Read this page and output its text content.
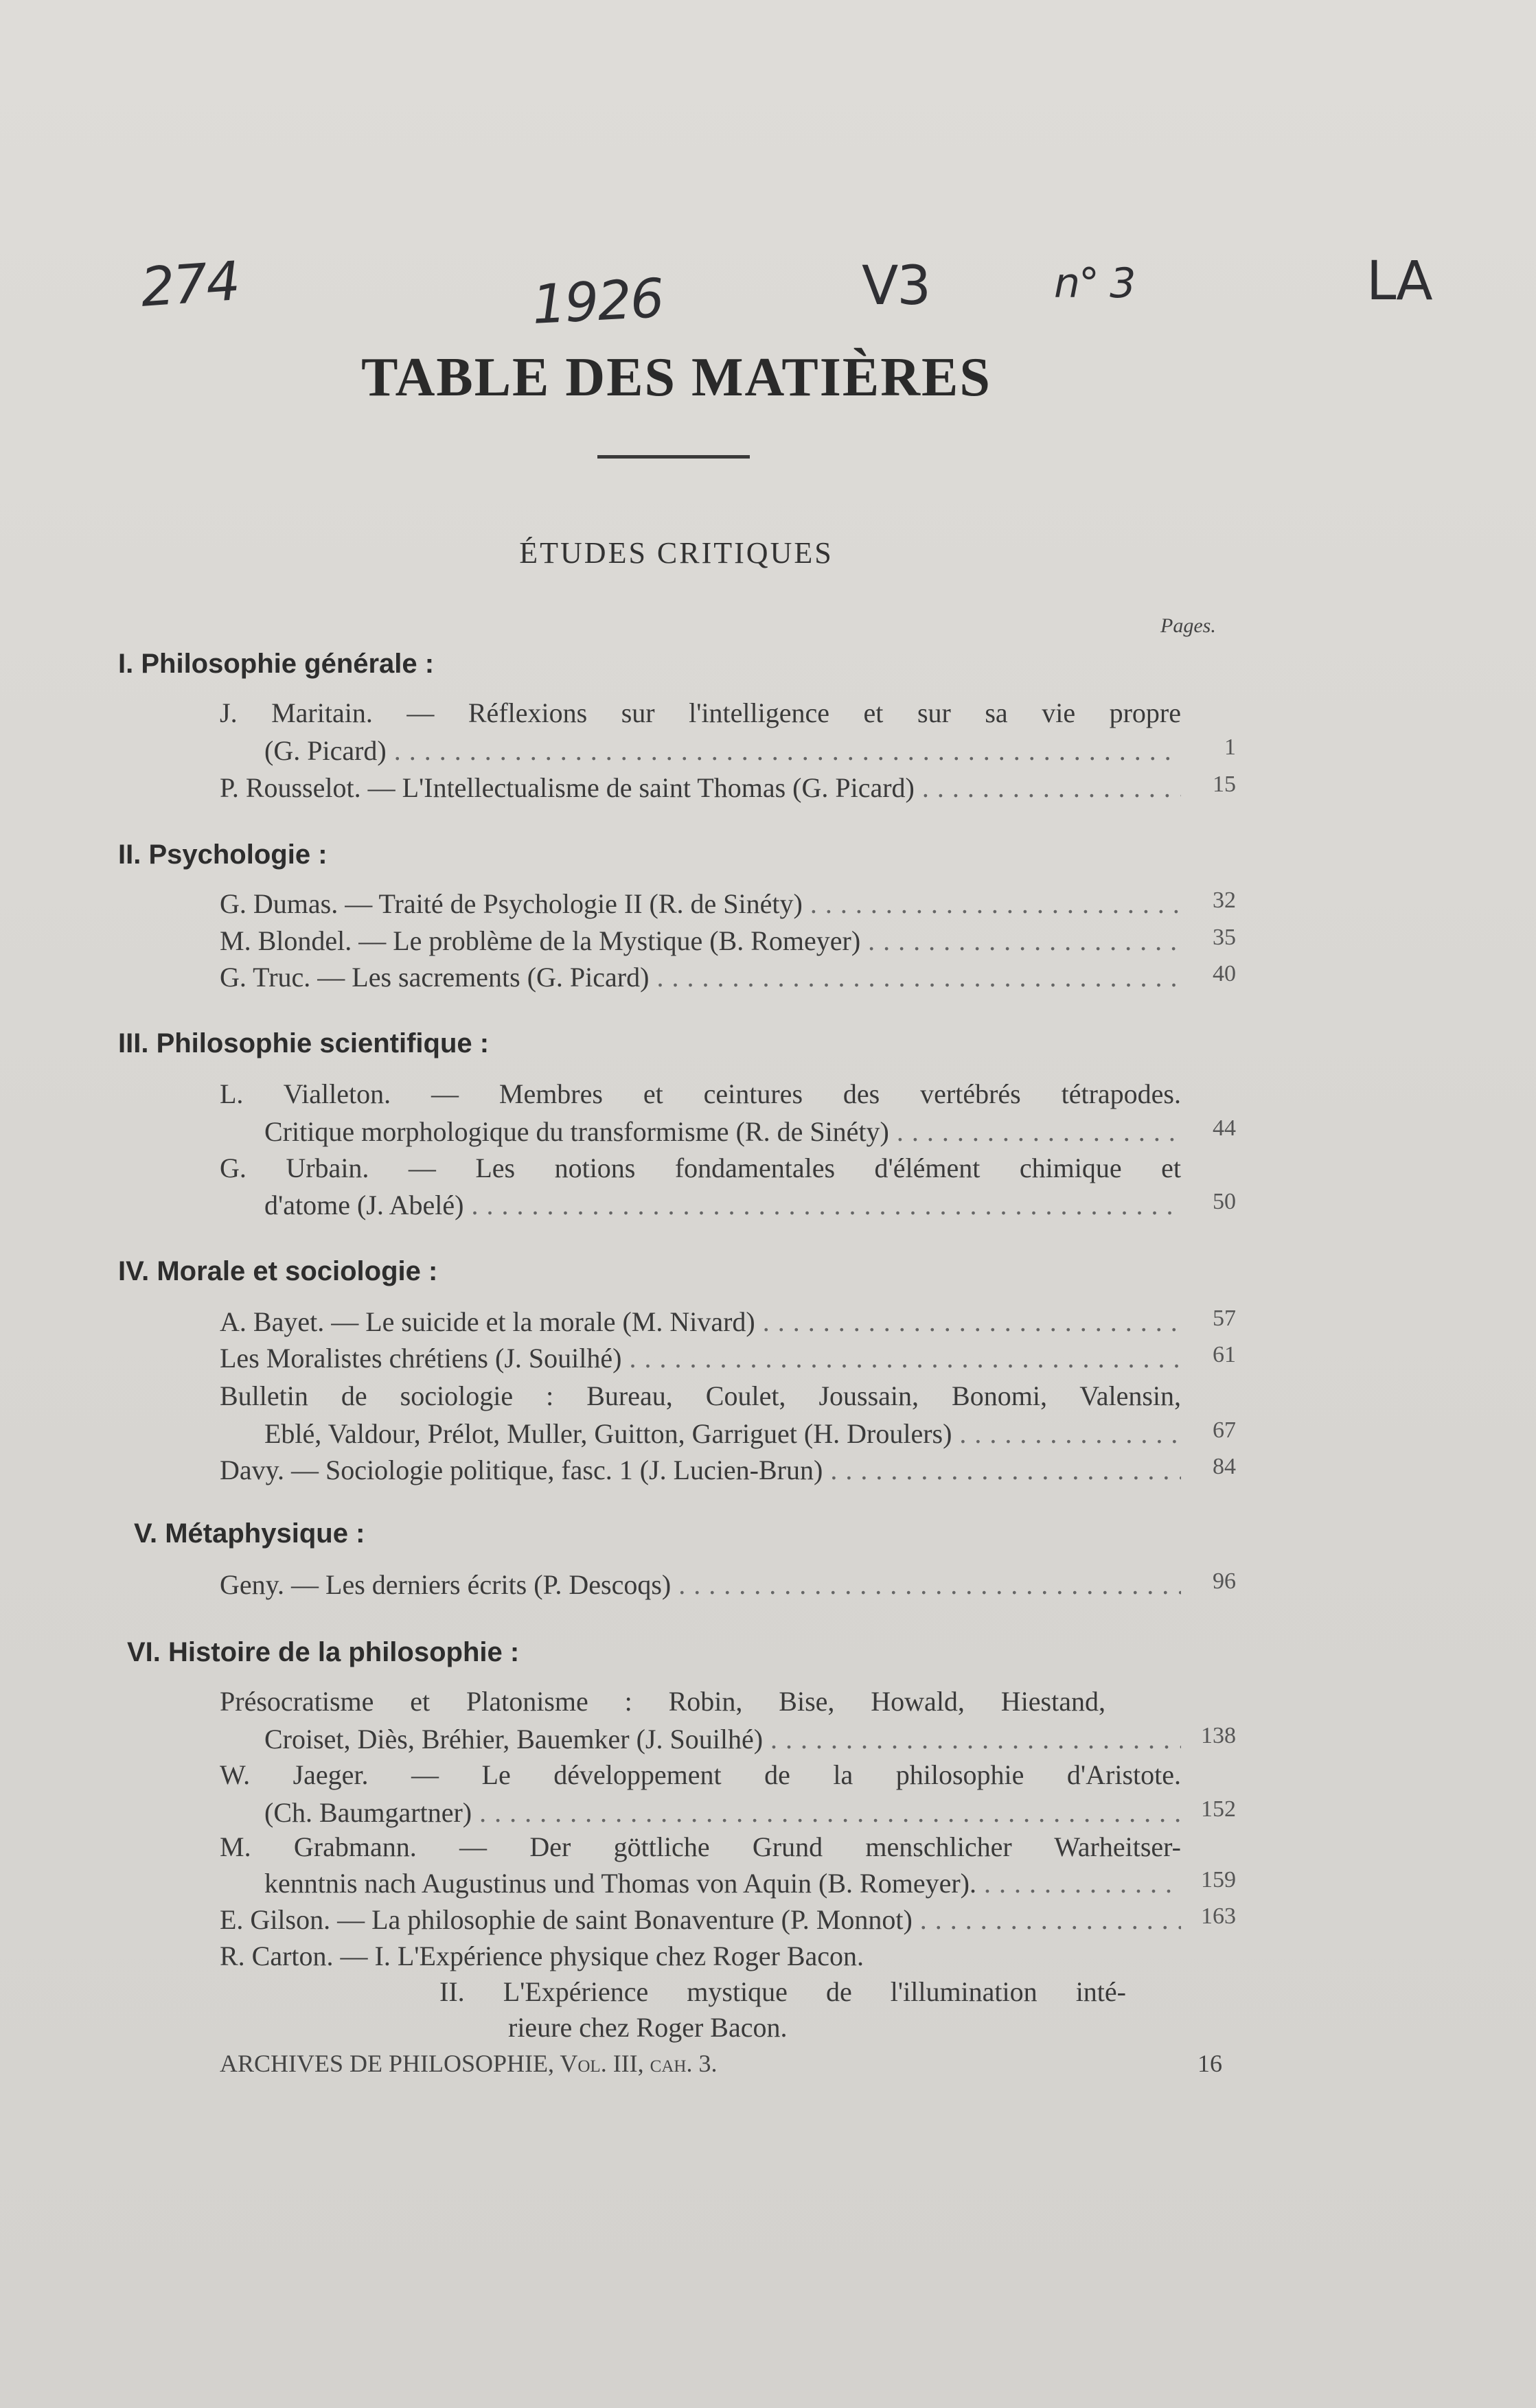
274	1926	V3	n° 3	LA
TABLE DES MATIÈRES
ÉTUDES CRITIQUES
Pages.
I. Philosophie générale :
J. Maritain. — Réflexions sur l'intelligence et sur sa vie propre
(G. Picard) . . .	1
P. Rousselot. — L'Intellectualisme de saint Thomas (G. Picard) . . .	15
II. Psychologie :
G. Dumas. — Traité de Psychologie II (R. de Sinéty) . . .	32
M. Blondel. — Le problème de la Mystique (B. Romeyer) . . .	35
G. Truc. — Les sacrements (G. Picard) . . .	40
III. Philosophie scientifique :
L. Vialleton. — Membres et ceintures des vertébrés tétrapodes.
Critique morphologique du transformisme (R. de Sinéty) . . .	44
G. Urbain. — Les notions fondamentales d'élément chimique et
d'atome (J. Abelé) . . .	50
IV. Morale et sociologie :
A. Bayet. — Le suicide et la morale (M. Nivard) . . .	57
Les Moralistes chrétiens (J. Souilhé) . . .	61
Bulletin de sociologie : Bureau, Coulet, Joussain, Bonomi, Valensin,
Eblé, Valdour, Prélot, Muller, Guitton, Garriguet (H. Droulers) . . .	67
Davy. — Sociologie politique, fasc. 1 (J. Lucien-Brun) . . .	84
V. Métaphysique :
Geny. — Les derniers écrits (P. Descoqs) . . .	96
VI. Histoire de la philosophie :
Présocratisme et Platonisme : Robin, Bise, Howald, Hiestand,
Croiset, Diès, Bréhier, Bauemker (J. Souilhé) . . .	138
W. Jaeger. — Le développement de la philosophie d'Aristote.
(Ch. Baumgartner) . . .	152
M. Grabmann. — Der göttliche Grund menschlicher Warheitser-
kenntnis nach Augustinus und Thomas von Aquin (B. Romeyer). . . .	159
E. Gilson. — La philosophie de saint Bonaventure (P. Monnot) . . .	163
R. Carton. — I. L'Expérience physique chez Roger Bacon.
II. L'Expérience mystique de l'illumination inté-
rieure chez Roger Bacon.
ARCHIVES DE PHILOSOPHIE, Vol. III, cah. 3.	16
